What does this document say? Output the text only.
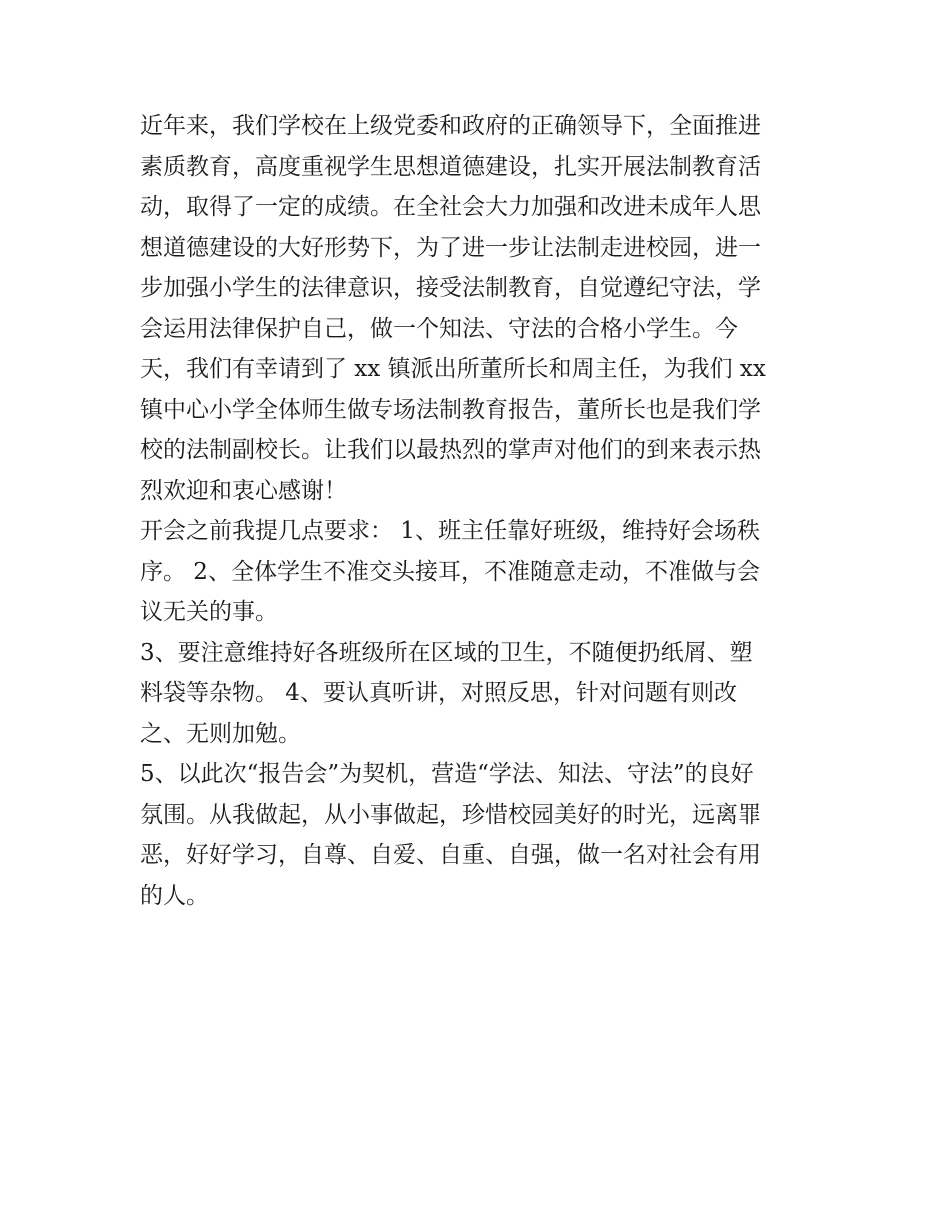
近年来，我们学校在上级党委和政府的正确领导下，全面推进
素质教育，高度重视学生思想道德建设，扎实开展法制教育活
动，取得了一定的成绩。在全社会大力加强和改进未成年人思
想道德建设的大好形势下，为了进一步让法制走进校园，进一
步加强小学生的法律意识，接受法制教育，自觉遵纪守法，学
会运用法律保护自己，做一个知法、守法的合格小学生。今
天，我们有幸请到了 xx 镇派出所董所长和周主任，为我们 xx
镇中心小学全体师生做专场法制教育报告，董所长也是我们学
校的法制副校长。让我们以最热烈的掌声对他们的到来表示热
烈欢迎和衷心感谢！

开会之前我提几点要求： 1、班主任靠好班级，维持好会场秩
序。 2、全体学生不准交头接耳，不准随意走动，不准做与会
议无关的事。

3、要注意维持好各班级所在区域的卫生，不随便扔纸屑、塑
料袋等杂物。 4、要认真听讲，对照反思，针对问题有则改
之、无则加勉。

5、以此次“报告会”为契机，营造“学法、知法、守法”的良好
氛围。从我做起，从小事做起，珍惜校园美好的时光，远离罪
恶，好好学习，自尊、自爱、自重、自强，做一名对社会有用
的人。
